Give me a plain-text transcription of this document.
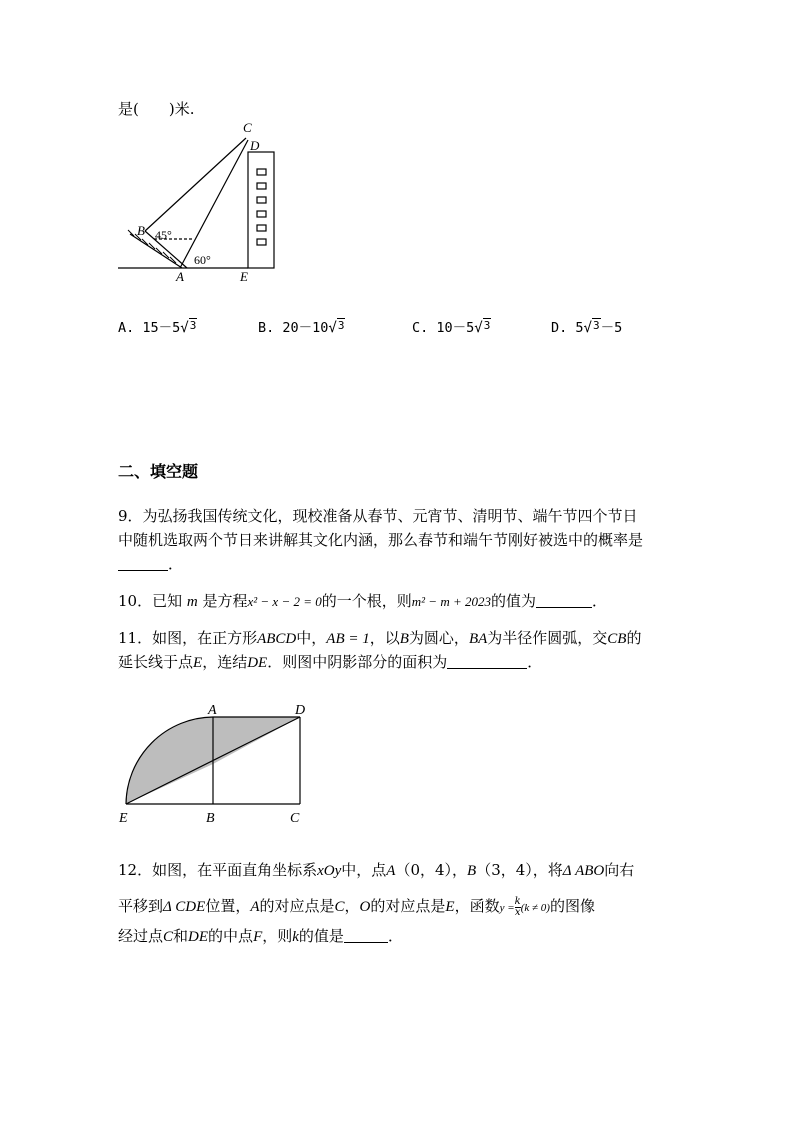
是(　　)米.
C
D
B 45°
60°
A	E
A. 15－5√3	B. 20－10√3	C. 10－5√3	D. 5√3－5
二、填空题
9．为弘扬我国传统文化，现校准备从春节、元宵节、清明节、端午节四个节日
中随机选取两个节日来讲解其文化内涵，那么春节和端午节刚好被选中的概率是
．
10．已知 m 是方程x² − x − 2 = 0的一个根，则m² − m + 2023的值为	．
11．如图，在正方形ABCD中，AB = 1，以B为圆心，BA为半径作圆弧，交CB的
延长线于点E，连结DE．则图中阴影部分的面积为	．
A	D
E	B	C
12．如图，在平面直角坐标系xOy中，点A（0，4），B（3，4），将Δ ABO向右
平移到Δ CDE位置，A的对应点是C，O的对应点是E，函数$y = \frac{k}{x} (k \ne 0)$的图像
经过点C和DE的中点F，则k的值是	．
